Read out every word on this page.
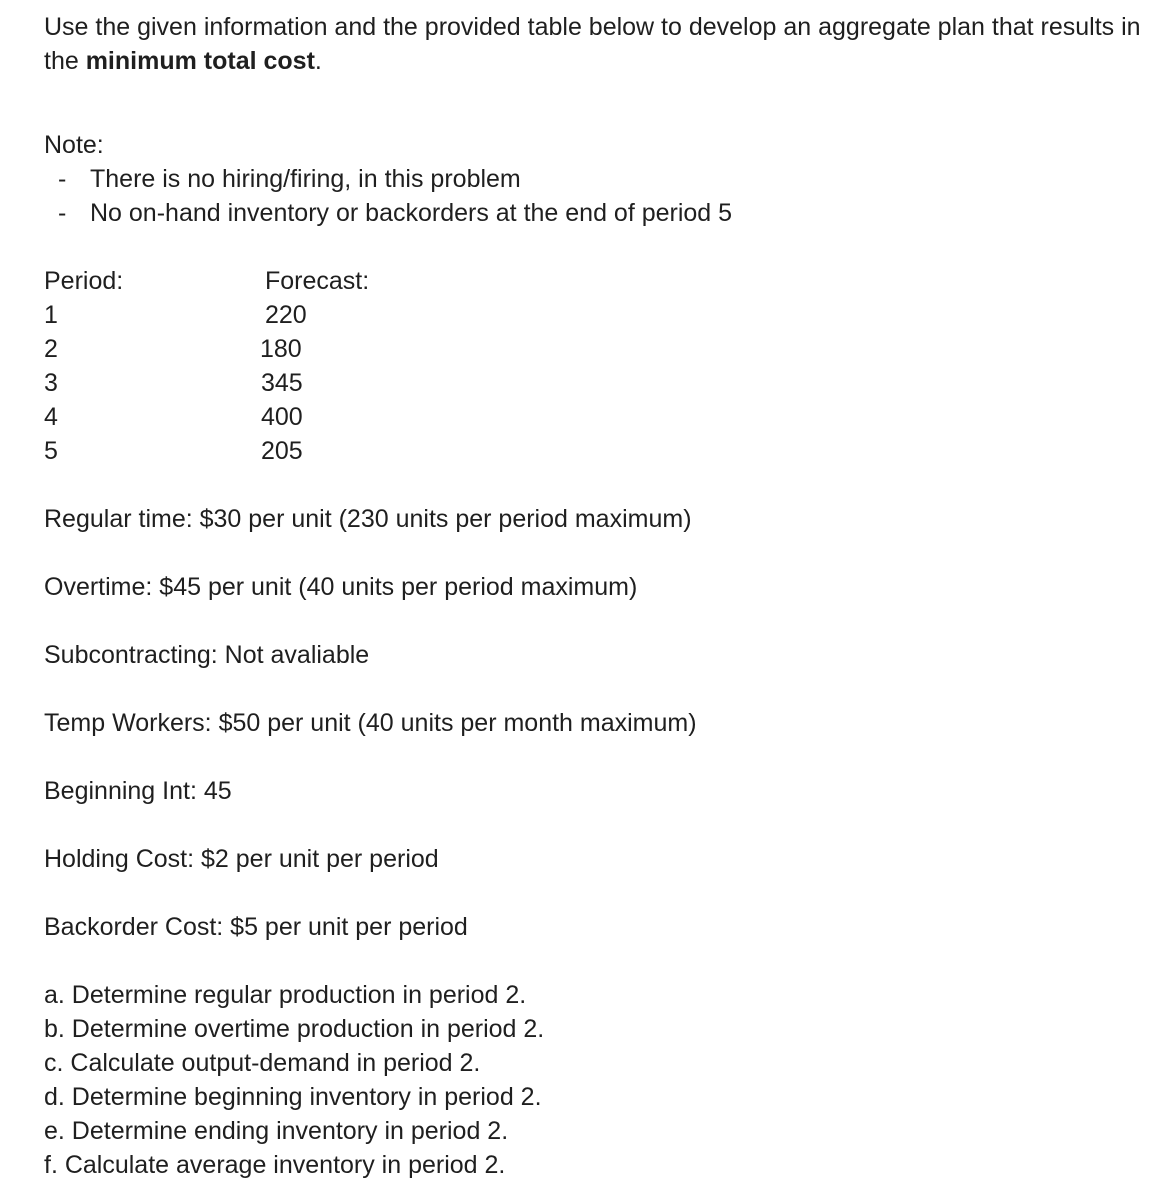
Use the given information and the provided table below to develop an aggregate plan that results in the minimum total cost.

Note:
- There is no hiring/firing, in this problem
- No on-hand inventory or backorders at the end of period 5
Period:	Forecast:
1	220
2	180
3	345
4	400
5	205
Regular time: $30 per unit (230 units per period maximum)
Overtime: $45 per unit (40 units per period maximum)
Subcontracting: Not avaliable
Temp Workers: $50 per unit (40 units per month maximum)
Beginning Int: 45
Holding Cost: $2 per unit per period
Backorder Cost: $5 per unit per period
a. Determine regular production in period 2.
b. Determine overtime production in period 2.
c. Calculate output-demand in period 2.
d. Determine beginning inventory in period 2.
e. Determine ending inventory in period 2.
f. Calculate average inventory in period 2.
